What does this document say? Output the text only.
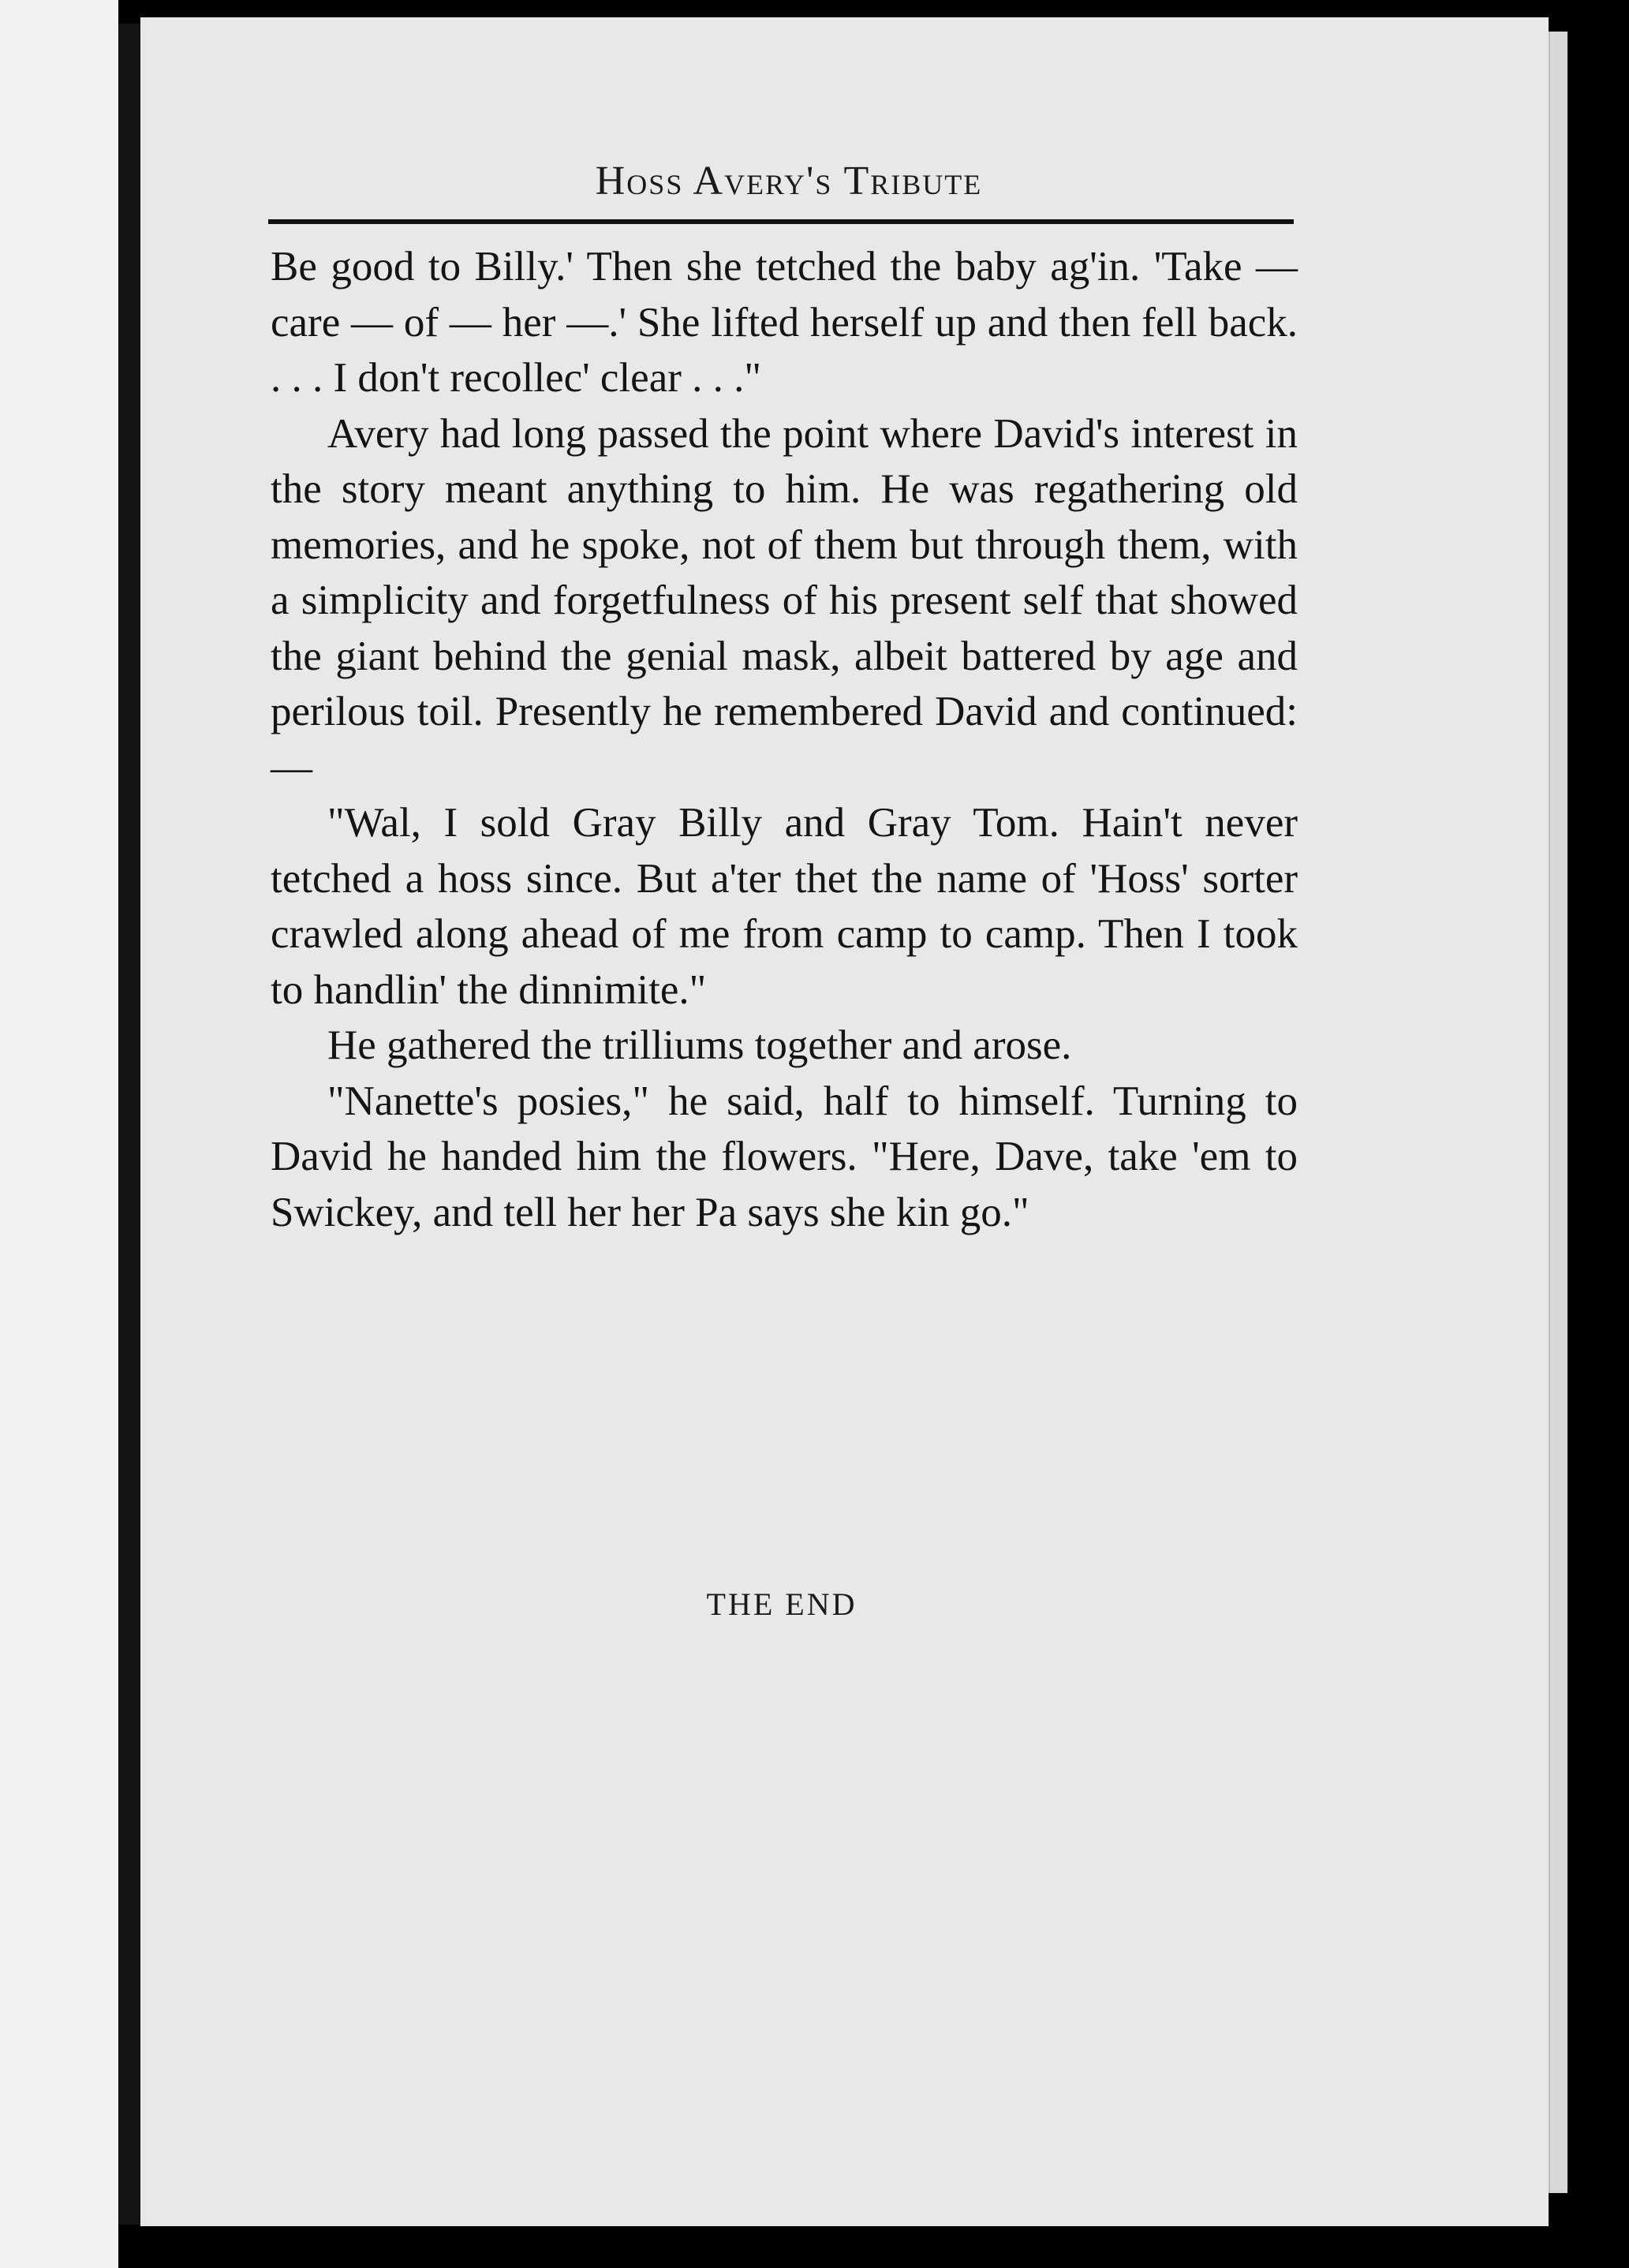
Hoss Avery's Tribute

Be good to Billy.' Then she tetched the baby ag'in. 'Take — care — of — her —.' She lifted herself up and then fell back. . . . I don't recollec' clear . . ."

Avery had long passed the point where David's interest in the story meant anything to him. He was regathering old memories, and he spoke, not of them but through them, with a simplicity and forgetfulness of his present self that showed the giant behind the genial mask, albeit battered by age and perilous toil. Presently he remembered David and continued: —

"Wal, I sold Gray Billy and Gray Tom. Hain't never tetched a hoss since. But a'ter thet the name of 'Hoss' sorter crawled along ahead of me from camp to camp. Then I took to handlin' the dinnimite."

He gathered the trilliums together and arose.

"Nanette's posies," he said, half to himself. Turning to David he handed him the flowers. "Here, Dave, take 'em to Swickey, and tell her her Pa says she kin go."

THE END
